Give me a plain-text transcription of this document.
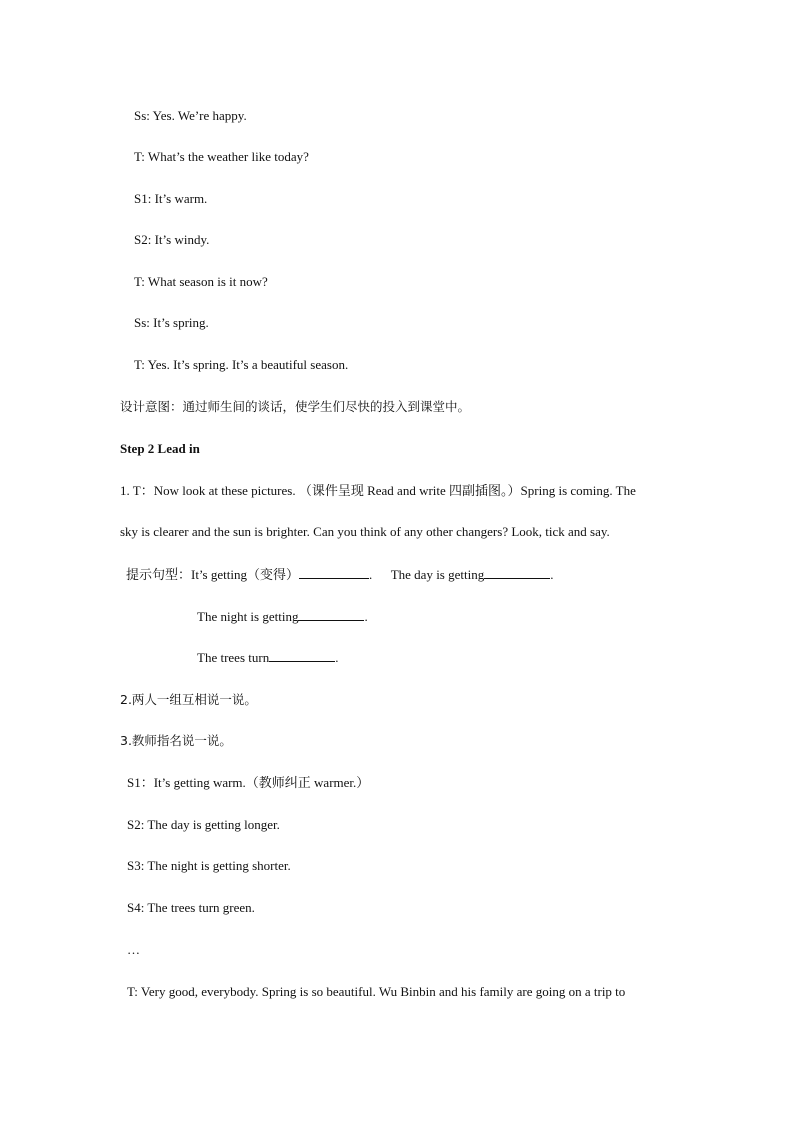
Ss: Yes. We’re happy.
T: What’s the weather like today?
S1: It’s warm.
S2: It’s windy.
T: What season is it now?
Ss: It’s spring.
T: Yes. It’s spring. It’s a beautiful season.
设计意图：通过师生间的谈话，使学生们尽快的投入到课堂中。
Step 2 Lead in
1. T：Now look at these pictures. （课件呈现 Read and write 四副插图。）Spring is coming. The
sky is clearer and the sun is brighter. Can you think of any other changers? Look, tick and say.
提示句型：It’s getting（变得）	. The day is getting	.
The night is getting	.
The trees turn	.
2.两人一组互相说一说。
3.教师指名说一说。
S1：It’s getting warm.（教师纠正 warmer.）
S2: The day is getting longer.
S3: The night is getting shorter.
S4: The trees turn green.
…
T: Very good, everybody. Spring is so beautiful. Wu Binbin and his family are going on a trip to
